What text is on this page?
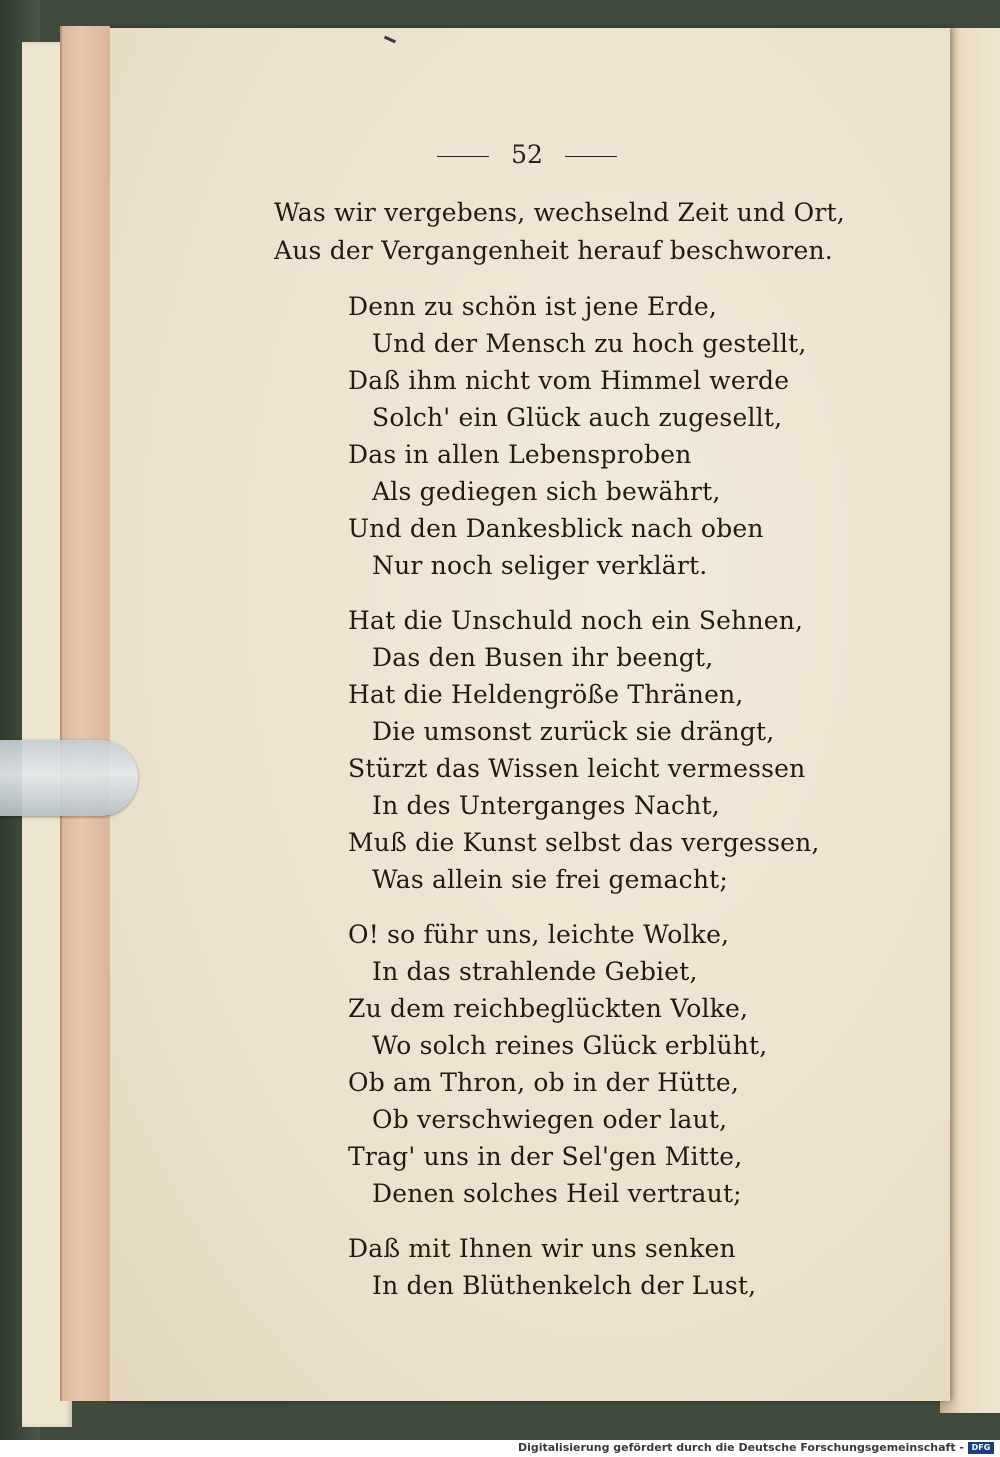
52
Was wir vergebens, wechselnd Zeit und Ort,
Aus der Vergangenheit herauf beschworen.
Denn zu schön ist jene Erde,
Und der Mensch zu hoch gestellt,
Daß ihm nicht vom Himmel werde
Solch' ein Glück auch zugesellt,
Das in allen Lebensproben
Als gediegen sich bewährt,
Und den Dankesblick nach oben
Nur noch seliger verklärt.
Hat die Unschuld noch ein Sehnen,
Das den Busen ihr beengt,
Hat die Heldengröße Thränen,
Die umsonst zurück sie drängt,
Stürzt das Wissen leicht vermessen
In des Unterganges Nacht,
Muß die Kunst selbst das vergessen,
Was allein sie frei gemacht;
O! so führ uns, leichte Wolke,
In das strahlende Gebiet,
Zu dem reichbeglückten Volke,
Wo solch reines Glück erblüht,
Ob am Thron, ob in der Hütte,
Ob verschwiegen oder laut,
Trag' uns in der Sel'gen Mitte,
Denen solches Heil vertraut;
Daß mit Ihnen wir uns senken
In den Blüthenkelch der Lust,
Digitalisierung gefördert durch die Deutsche Forschungsgemeinschaft - DFG
